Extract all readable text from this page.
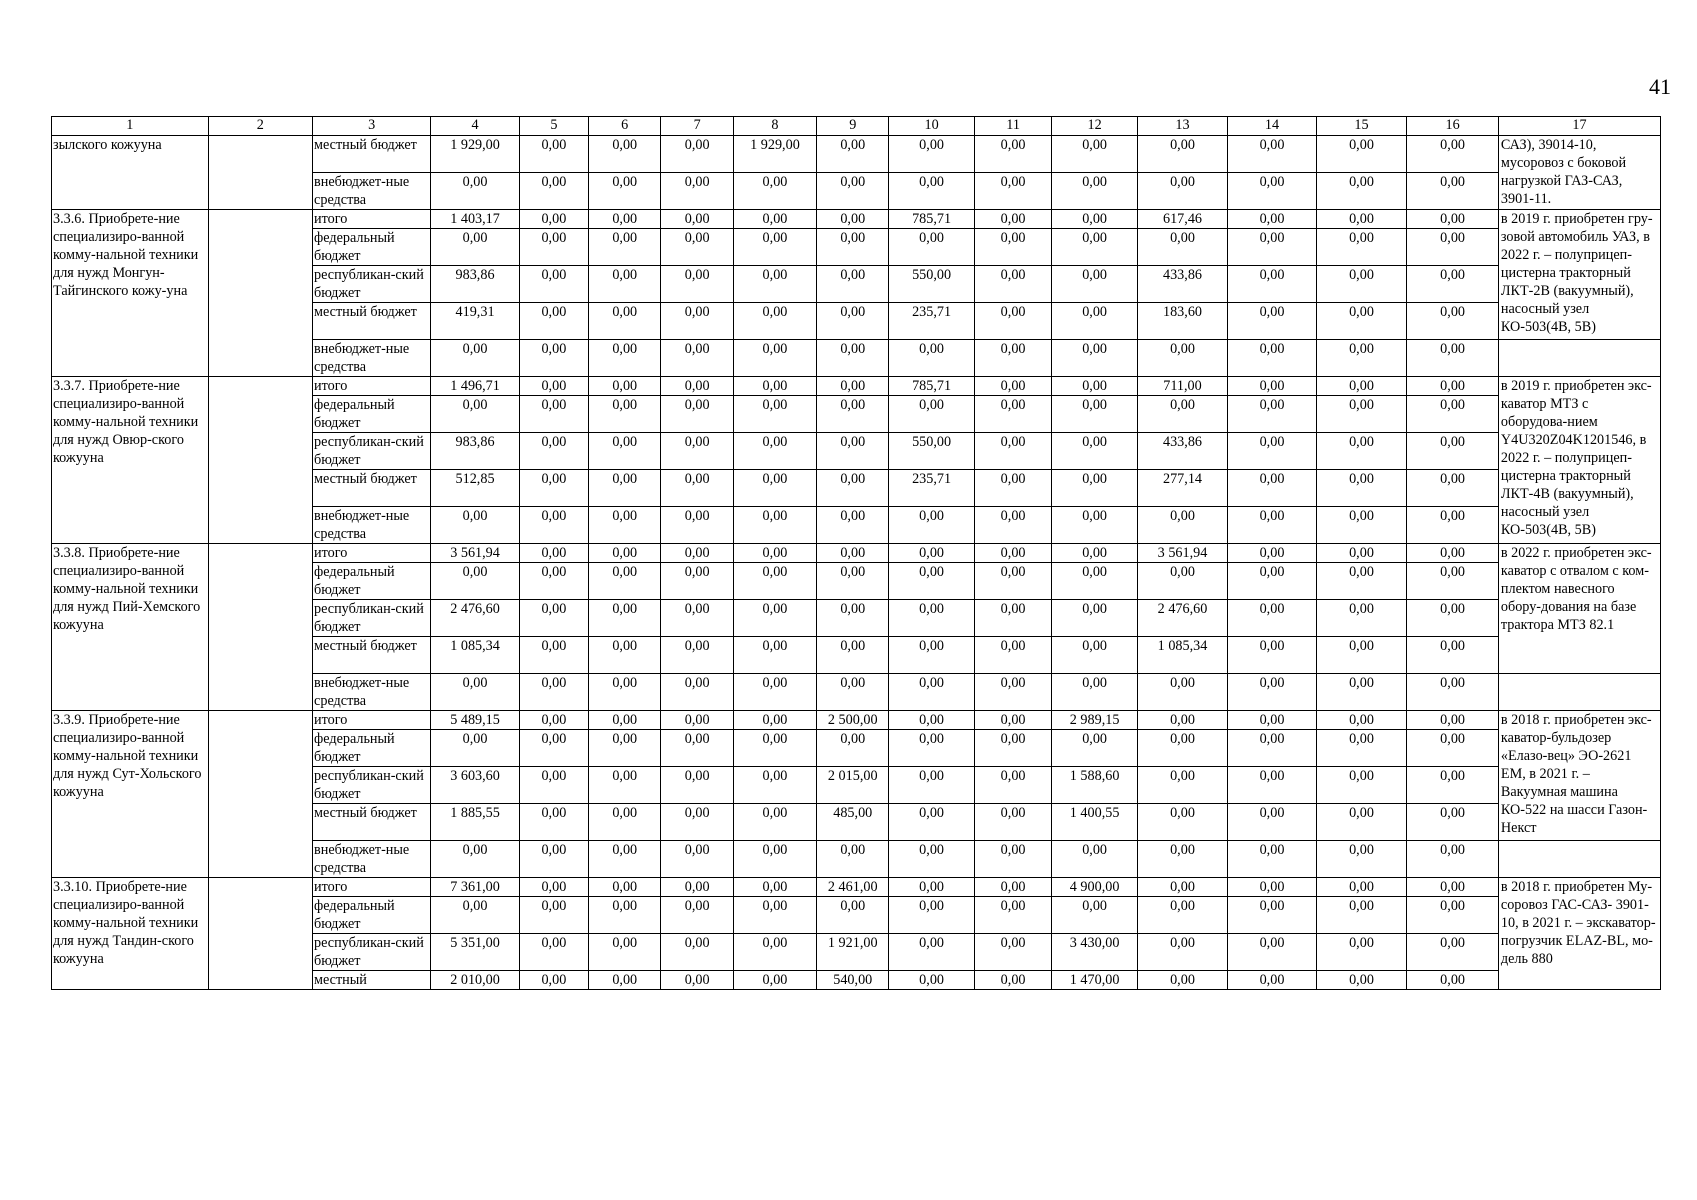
41
1	2	3	4	5	6	7	8	9	10	11	12	13	14	15	16	17
зылского кожууна		местный бюджет	1 929,00	0,00	0,00	0,00	1 929,00	0,00	0,00	0,00	0,00	0,00	0,00	0,00	0,00	САЗ), 39014-10, мусоровоз с боковой нагрузкой ГАЗ-САЗ, 3901-11.
		внебюджет-ные средства	0,00	0,00	0,00	0,00	0,00	0,00	0,00	0,00	0,00	0,00	0,00	0,00	0,00	
3.3.6. Приобрете-ние специализиро-ванной комму-нальной техники для нужд Монгун-Тайгинского кожу-уна		итого	1 403,17	0,00	0,00	0,00	0,00	0,00	785,71	0,00	0,00	617,46	0,00	0,00	0,00	в 2019 г. приобретен гру-зовой автомобиль УАЗ, в 2022 г. – полуприцеп-цистерна тракторный ЛКТ-2В (вакуумный), насосный узел КО-503(4В, 5В)
		федеральный бюджет	0,00	0,00	0,00	0,00	0,00	0,00	0,00	0,00	0,00	0,00	0,00	0,00	0,00	
		республикан-ский бюджет	983,86	0,00	0,00	0,00	0,00	0,00	550,00	0,00	0,00	433,86	0,00	0,00	0,00	
		местный бюджет	419,31	0,00	0,00	0,00	0,00	0,00	235,71	0,00	0,00	183,60	0,00	0,00	0,00	
		внебюджет-ные средства	0,00	0,00	0,00	0,00	0,00	0,00	0,00	0,00	0,00	0,00	0,00	0,00	0,00	
3.3.7. Приобрете-ние специализиро-ванной комму-нальной техники для нужд Овюр-ского кожууна		итого	1 496,71	0,00	0,00	0,00	0,00	0,00	785,71	0,00	0,00	711,00	0,00	0,00	0,00	в 2019 г. приобретен экс-каватор МТЗ с оборудова-нием Y4U320Z04K1201546, в 2022 г. – полуприцеп-цистерна тракторный ЛКТ-4В (вакуумный), насосный узел КО-503(4В, 5В)
		федеральный бюджет	0,00	0,00	0,00	0,00	0,00	0,00	0,00	0,00	0,00	0,00	0,00	0,00	0,00	
		республикан-ский бюджет	983,86	0,00	0,00	0,00	0,00	0,00	550,00	0,00	0,00	433,86	0,00	0,00	0,00	
		местный бюджет	512,85	0,00	0,00	0,00	0,00	0,00	235,71	0,00	0,00	277,14	0,00	0,00	0,00	
		внебюджет-ные средства	0,00	0,00	0,00	0,00	0,00	0,00	0,00	0,00	0,00	0,00	0,00	0,00	0,00	
3.3.8. Приобрете-ние специализиро-ванной комму-нальной техники для нужд Пий-Хемского кожууна		итого	3 561,94	0,00	0,00	0,00	0,00	0,00	0,00	0,00	0,00	3 561,94	0,00	0,00	0,00	в 2022 г. приобретен экс-каватор с отвалом с ком-плектом навесного обору-дования на базе трактора МТЗ 82.1
		федеральный бюджет	0,00	0,00	0,00	0,00	0,00	0,00	0,00	0,00	0,00	0,00	0,00	0,00	0,00	
		республикан-ский бюджет	2 476,60	0,00	0,00	0,00	0,00	0,00	0,00	0,00	0,00	2 476,60	0,00	0,00	0,00	
		местный бюджет	1 085,34	0,00	0,00	0,00	0,00	0,00	0,00	0,00	0,00	1 085,34	0,00	0,00	0,00	
		внебюджет-ные средства	0,00	0,00	0,00	0,00	0,00	0,00	0,00	0,00	0,00	0,00	0,00	0,00	0,00	
3.3.9. Приобрете-ние специализиро-ванной комму-нальной техники для нужд Сут-Хольского кожууна		итого	5 489,15	0,00	0,00	0,00	0,00	2 500,00	0,00	0,00	2 989,15	0,00	0,00	0,00	0,00	в 2018 г. приобретен экс-каватор-бульдозер «Елазо-вец» ЭО-2621 ЕМ, в 2021 г. – Вакуумная машина КО-522 на шасси Газон-Некст
		федеральный бюджет	0,00	0,00	0,00	0,00	0,00	0,00	0,00	0,00	0,00	0,00	0,00	0,00	0,00	
		республикан-ский бюджет	3 603,60	0,00	0,00	0,00	0,00	2 015,00	0,00	0,00	1 588,60	0,00	0,00	0,00	0,00	
		местный бюджет	1 885,55	0,00	0,00	0,00	0,00	485,00	0,00	0,00	1 400,55	0,00	0,00	0,00	0,00	
		внебюджет-ные средства	0,00	0,00	0,00	0,00	0,00	0,00	0,00	0,00	0,00	0,00	0,00	0,00	0,00	
3.3.10. Приобрете-ние специализиро-ванной комму-нальной техники для нужд Тандин-ского кожууна		итого	7 361,00	0,00	0,00	0,00	0,00	2 461,00	0,00	0,00	4 900,00	0,00	0,00	0,00	0,00	в 2018 г. приобретен Му-соровоз ГАС-САЗ- 3901-10, в 2021 г. – экскаватор-погрузчик ELAZ-BL, мо-дель 880
		федеральный бюджет	0,00	0,00	0,00	0,00	0,00	0,00	0,00	0,00	0,00	0,00	0,00	0,00	0,00	
		республикан-ский бюджет	5 351,00	0,00	0,00	0,00	0,00	1 921,00	0,00	0,00	3 430,00	0,00	0,00	0,00	0,00	
		местный	2 010,00	0,00	0,00	0,00	0,00	540,00	0,00	0,00	1 470,00	0,00	0,00	0,00	0,00	
